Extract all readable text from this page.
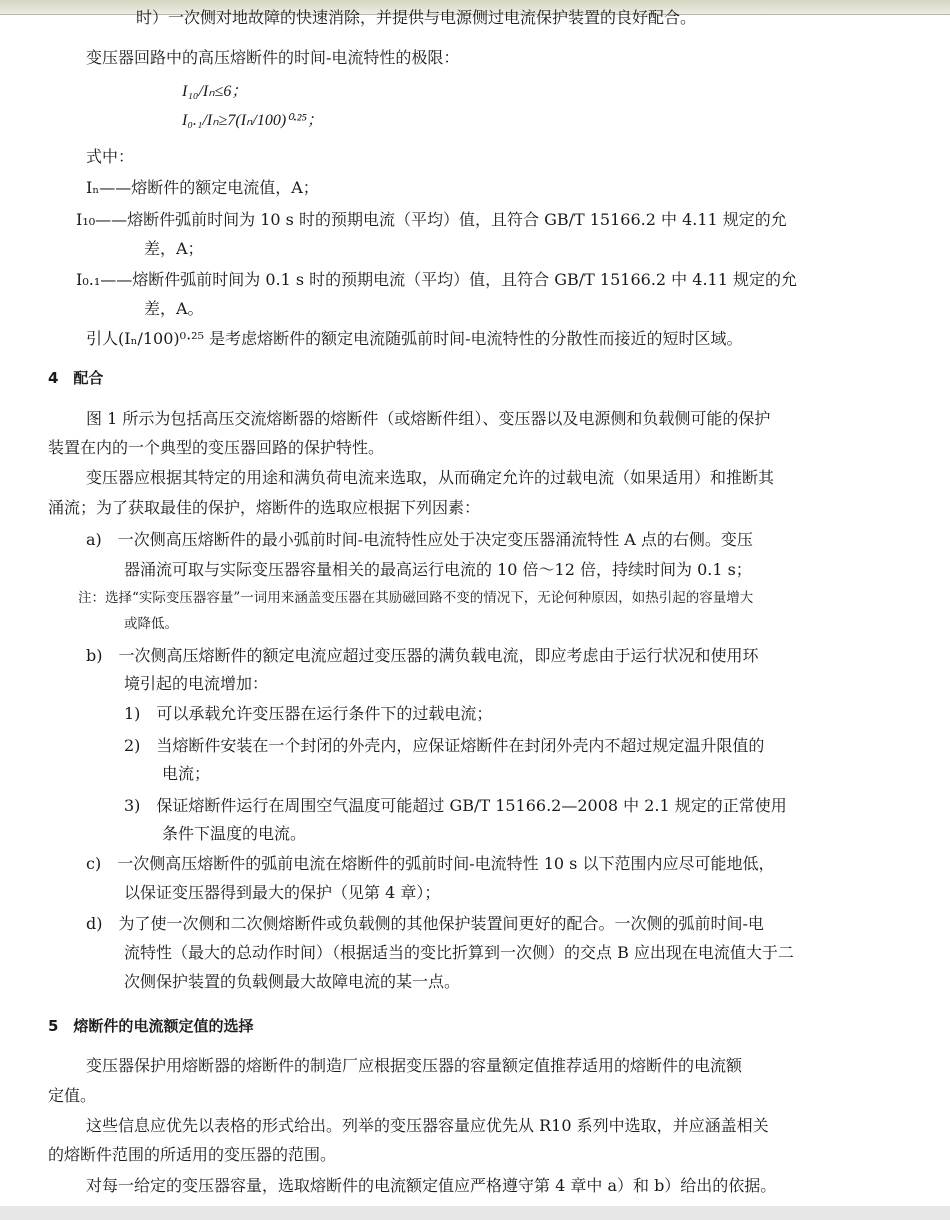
时）一次侧对地故障的快速消除，并提供与电源侧过电流保护装置的良好配合。
变压器回路中的高压熔断件的时间-电流特性的极限：
I₁₀/Iₙ≤6；
I₀.₁/Iₙ≥7(Iₙ/100)⁰·²⁵；
式中：
Iₙ——熔断件的额定电流值，A；
I₁₀——熔断件弧前时间为 10 s 时的预期电流（平均）值，且符合 GB/T 15166.2 中 4.11 规定的允
差，A；
I₀.₁——熔断件弧前时间为 0.1 s 时的预期电流（平均）值，且符合 GB/T 15166.2 中 4.11 规定的允
差，A。
引人(Iₙ/100)⁰·²⁵ 是考虑熔断件的额定电流随弧前时间-电流特性的分散性而接近的短时区域。
4　配合
图 1 所示为包括高压交流熔断器的熔断件（或熔断件组）、变压器以及电源侧和负载侧可能的保护
装置在内的一个典型的变压器回路的保护特性。
变压器应根据其特定的用途和满负荷电流来选取，从而确定允许的过载电流（如果适用）和推断其
涌流；为了获取最佳的保护，熔断件的选取应根据下列因素：
a)　一次侧高压熔断件的最小弧前时间-电流特性应处于决定变压器涌流特性 A 点的右侧。变压
器涌流可取与实际变压器容量相关的最高运行电流的 10 倍～12 倍，持续时间为 0.1 s；
注：选择“实际变压器容量”一词用来涵盖变压器在其励磁回路不变的情况下，无论何种原因，如热引起的容量增大
或降低。
b)　一次侧高压熔断件的额定电流应超过变压器的满负载电流，即应考虑由于运行状况和使用环
境引起的电流增加：
1)　可以承载允许变压器在运行条件下的过载电流；
2)　当熔断件安装在一个封闭的外壳内，应保证熔断件在封闭外壳内不超过规定温升限值的
电流；
3)　保证熔断件运行在周围空气温度可能超过 GB/T 15166.2—2008 中 2.1 规定的正常使用
条件下温度的电流。
c)　一次侧高压熔断件的弧前电流在熔断件的弧前时间-电流特性 10 s 以下范围内应尽可能地低，
以保证变压器得到最大的保护（见第 4 章）；
d)　为了使一次侧和二次侧熔断件或负载侧的其他保护装置间更好的配合。一次侧的弧前时间-电
流特性（最大的总动作时间）（根据适当的变比折算到一次侧）的交点 B 应出现在电流值大于二
次侧保护装置的负载侧最大故障电流的某一点。
5　熔断件的电流额定值的选择
变压器保护用熔断器的熔断件的制造厂应根据变压器的容量额定值推荐适用的熔断件的电流额
定值。
这些信息应优先以表格的形式给出。列举的变压器容量应优先从 R10 系列中选取，并应涵盖相关
的熔断件范围的所适用的变压器的范围。
对每一给定的变压器容量，选取熔断件的电流额定值应严格遵守第 4 章中 a）和 b）给出的依据。
